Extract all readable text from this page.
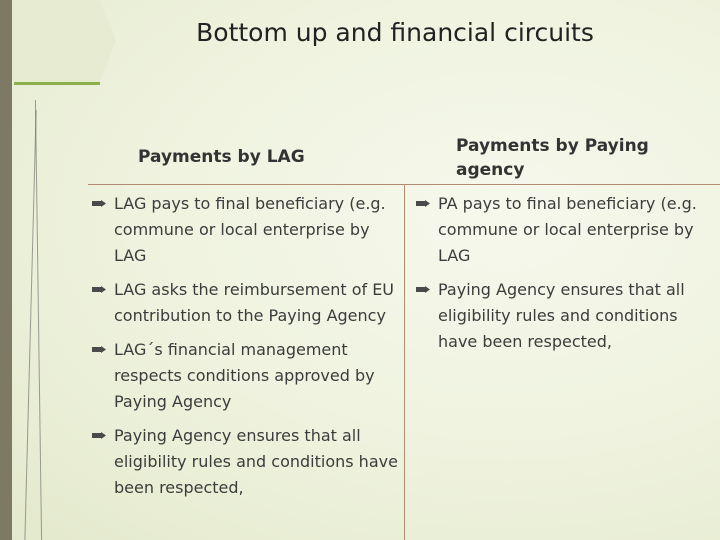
Bottom up and financial circuits
Payments by LAG
Payments by Paying agency
LAG pays to final beneficiary (e.g. commune or local enterprise by LAG
LAG asks the reimbursement of EU contribution to the Paying Agency
LAG´s financial management respects conditions approved by Paying Agency
Paying Agency ensures that all eligibility rules and conditions have been respected,
PA pays to final beneficiary (e.g. commune or local enterprise by LAG
Paying Agency ensures that all eligibility rules and conditions have been respected,
